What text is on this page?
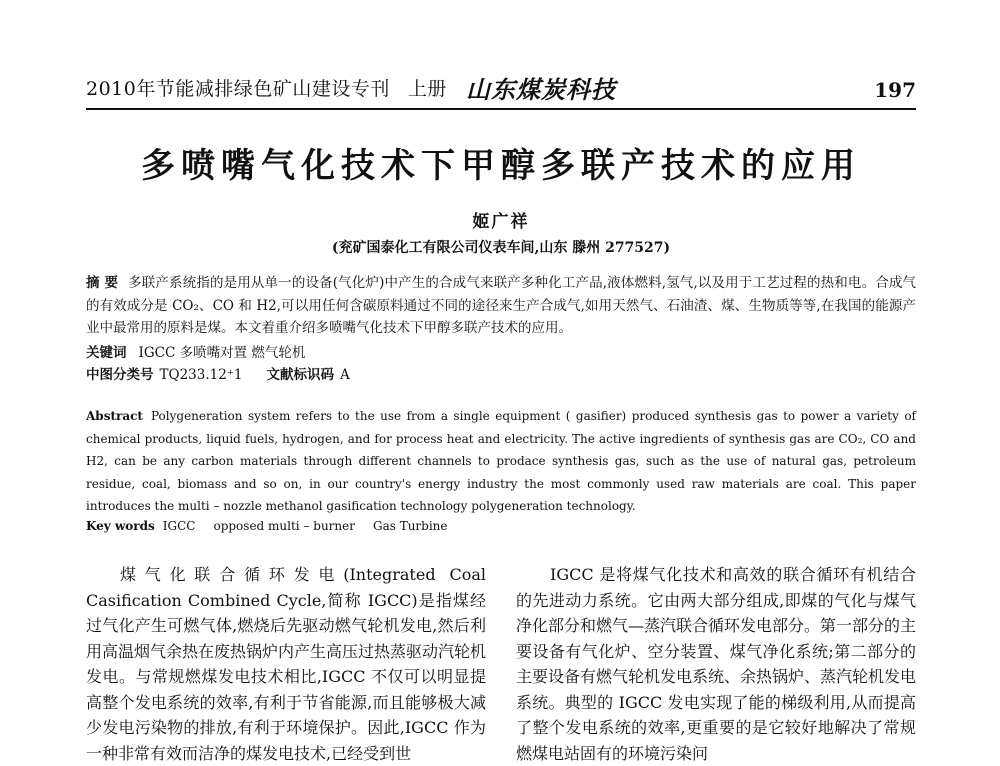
2010年节能减排绿色矿山建设专刊 上册 山东煤炭科技	197
多喷嘴气化技术下甲醇多联产技术的应用
姬广祥
(兖矿国泰化工有限公司仪表车间,山东 滕州 277527)
摘 要 多联产系统指的是用从单一的设备(气化炉)中产生的合成气来联产多种化工产品,液体燃料,氢气,以及用于工艺过程的热和电。合成气的有效成分是 CO₂、CO 和 H2,可以用任何含碳原料通过不同的途径来生产合成气,如用天然气、石油渣、煤、生物质等等,在我国的能源产业中最常用的原料是煤。本文着重介绍多喷嘴气化技术下甲醇多联产技术的应用。
关键词 IGCC 多喷嘴对置 燃气轮机
中图分类号 TQ233.12⁺1 文献标识码 A
Abstract Polygeneration system refers to the use from a single equipment ( gasifier) produced synthesis gas to power a variety of chemical products, liquid fuels, hydrogen, and for process heat and electricity. The active ingredients of synthesis gas are CO₂, CO and H2, can be any carbon materials through different channels to prodace synthesis gas, such as the use of natural gas, petroleum residue, coal, biomass and so on, in our country's energy industry the most commonly used raw materials are coal. This paper introduces the multi – nozzle methanol gasification technology polygeneration technology.
Key words IGCC opposed multi – burner Gas Turbine
煤气化联合循环发电(Integrated Coal Casification Combined Cycle,简称 IGCC)是指煤经过气化产生可燃气体,燃烧后先驱动燃气轮机发电,然后利用高温烟气余热在废热锅炉内产生高压过热蒸驱动汽轮机发电。与常规燃煤发电技术相比,IGCC 不仅可以明显提高整个发电系统的效率,有利于节省能源,而且能够极大减少发电污染物的排放,有利于环境保护。因此,IGCC 作为一种非常有效而洁净的煤发电技术,已经受到世
IGCC 是将煤气化技术和高效的联合循环有机结合的先进动力系统。它由两大部分组成,即煤的气化与煤气净化部分和燃气—蒸汽联合循环发电部分。第一部分的主要设备有气化炉、空分装置、煤气净化系统;第二部分的主要设备有燃气轮机发电系统、余热锅炉、蒸汽轮机发电系统。典型的 IGCC 发电实现了能的梯级利用,从而提高了整个发电系统的效率,更重要的是它较好地解决了常规燃煤电站固有的环境污染问
